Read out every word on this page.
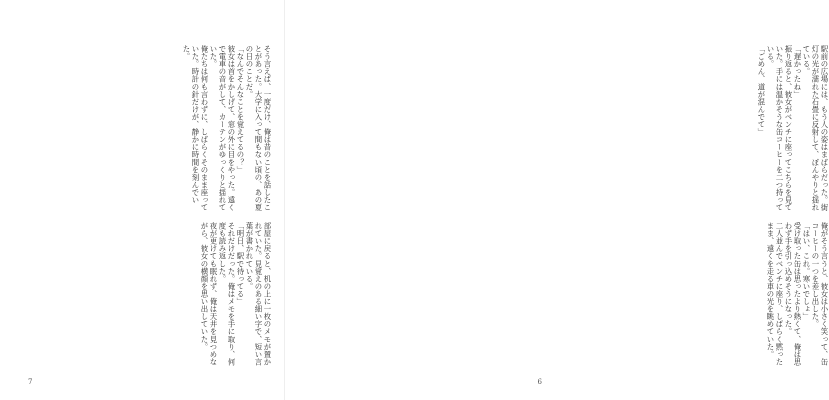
そう言えば、一度だけ、俺は昔のことを話したことがあった。大学に入って間もない頃の、あの夏の日のことだ。

「なんでそんなことを覚えてるの？」

彼女は首をかしげて、窓の外に目をやった。遠くで電車の音がして、カーテンがゆっくりと揺れていた。

俺たちは何も言わずに、しばらくそのまま座っていた。時計の針だけが、静かに時間を刻んでいた。

部屋に戻ると、机の上に一枚のメモが置かれていた。見覚えのある細い字で、短い言葉が書かれている。

「明日、駅で待ってる」

それだけだった。俺はメモを手に取り、何度も読み返した。

夜が更けても眠れず、俺は天井を見つめながら、彼女の横顔を思い出していた。

7

駅前の広場には、もう人の姿はまばらだった。街灯の光が濡れた石畳に反射して、ぼんやりと揺れている。

「遅かったね」

振り返ると、彼女がベンチに座ってこちらを見ていた。手には温かそうな缶コーヒーを二つ持っている。

「ごめん、道が混んでて」

俺がそう言うと、彼女は小さく笑って、缶コーヒーの一つを差し出した。

「はい、これ。寒いでしょ」

受け取った缶は思ったより熱くて、俺は思わず手を引っ込めそうになった。

二人並んでベンチに座り、しばらく黙ったまま、遠くを走る車の光を眺めていた。

6
